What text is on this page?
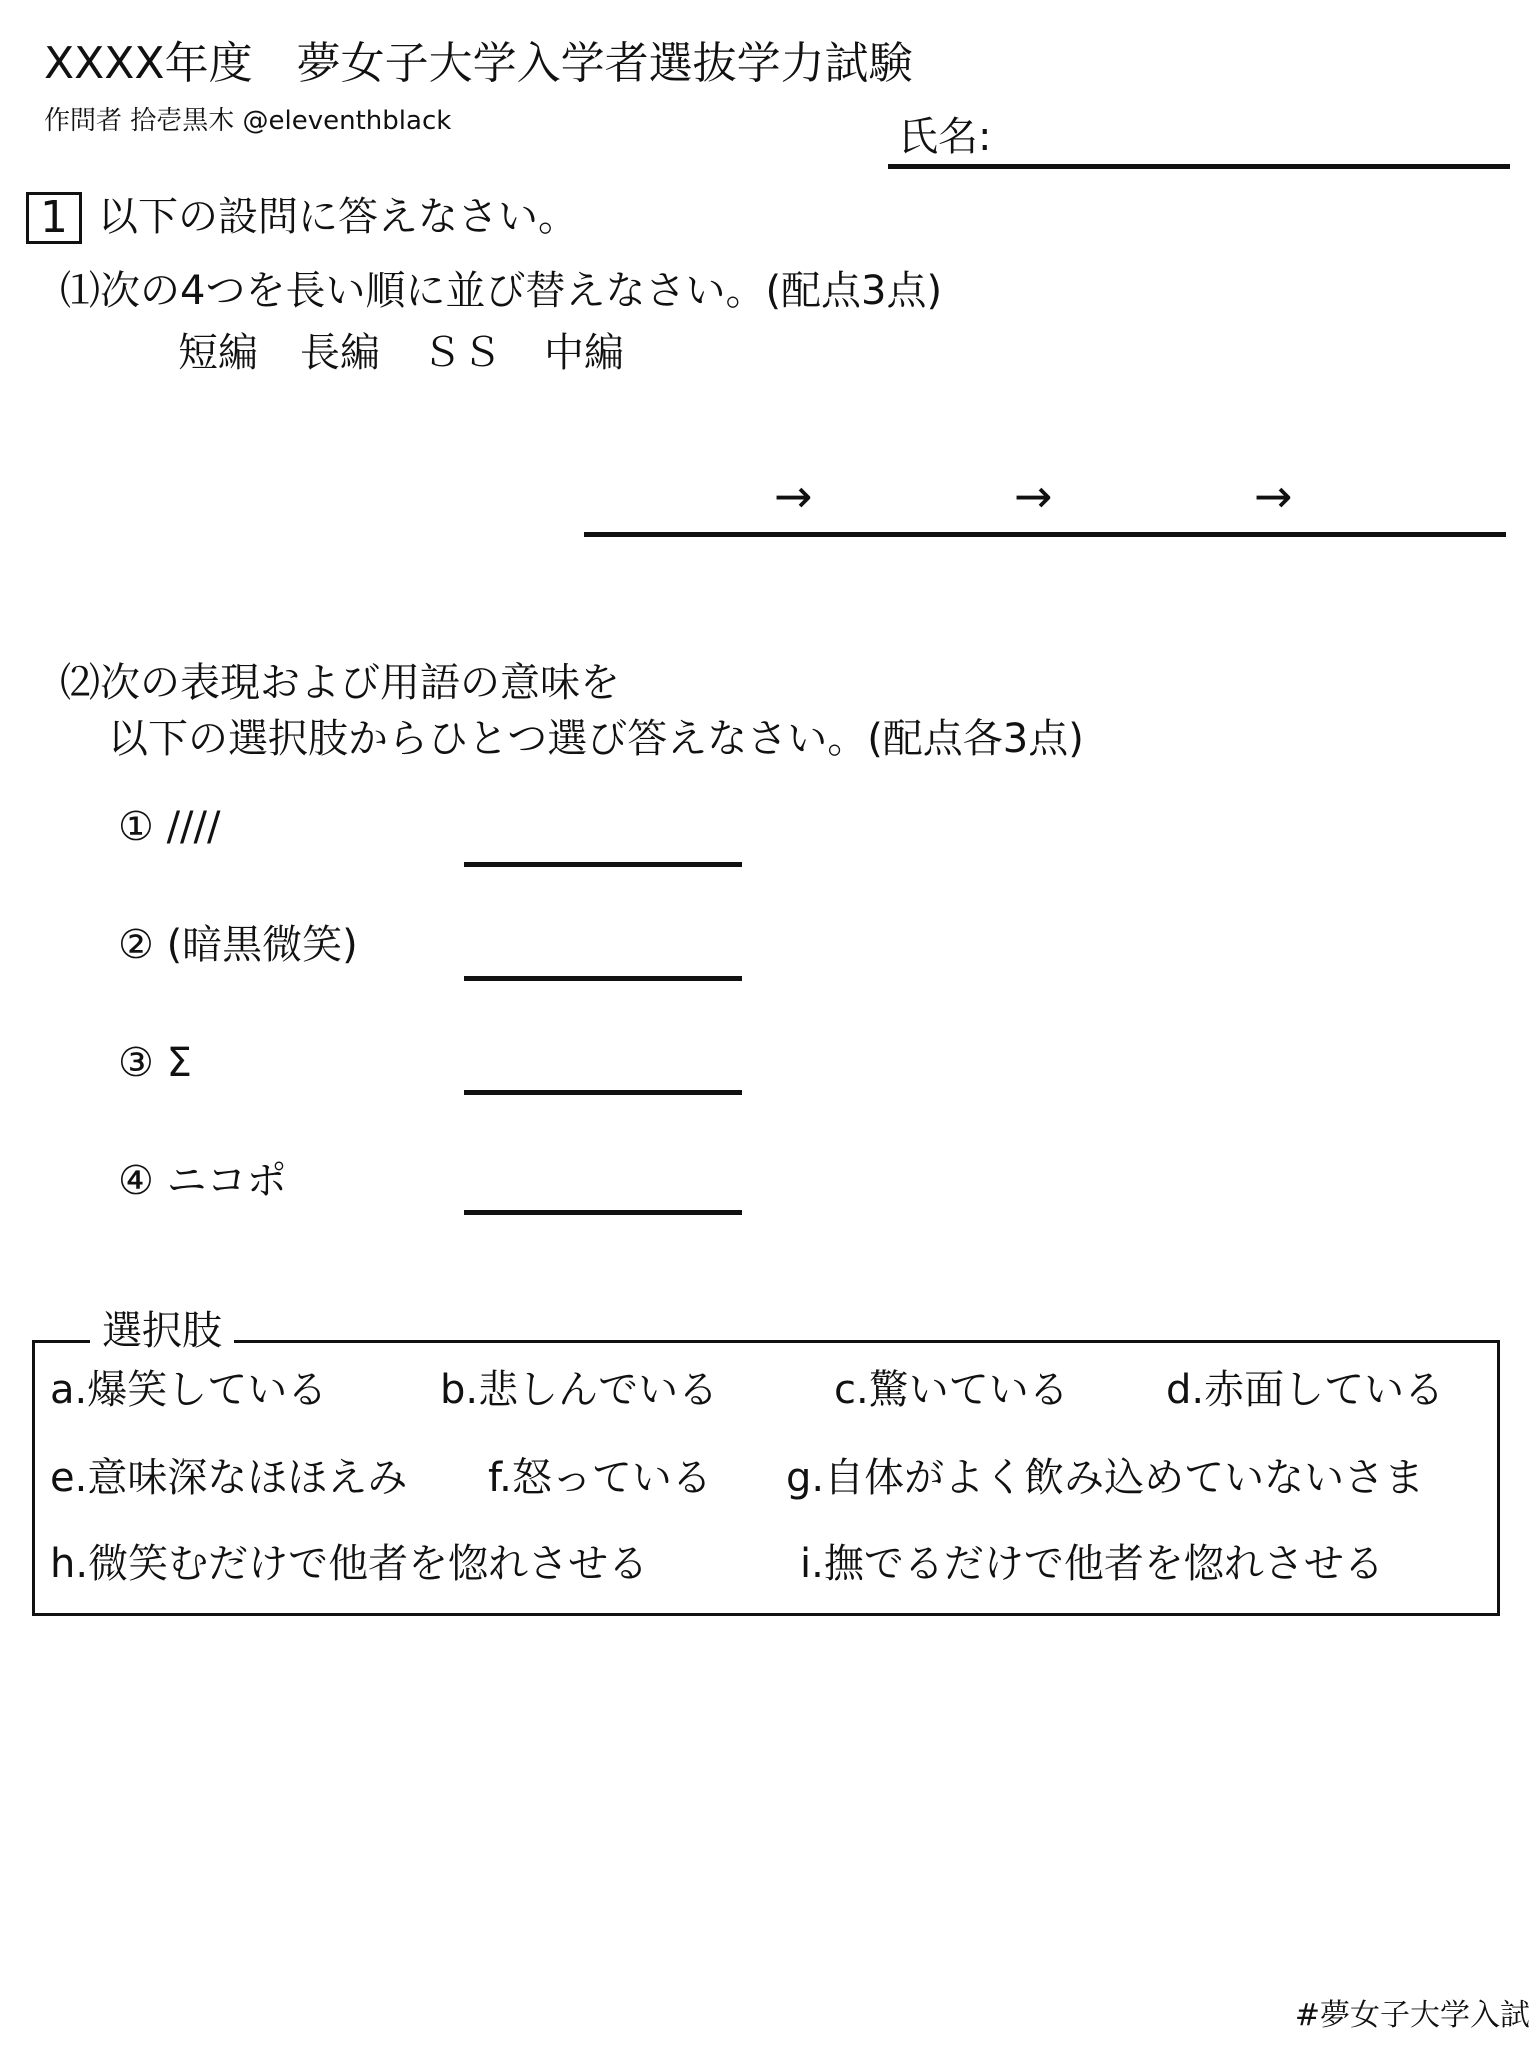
XXXX年度　夢女子大学入学者選抜学力試験
作問者 拾壱黒木 @eleventhblack	氏名:
1 以下の設問に答えなさい。
⑴次の4つを長い順に並び替えなさい。(配点3点)
短編 長編 ＳＳ 中編
→	→	→
⑵次の表現および用語の意味を
以下の選択肢からひとつ選び答えなさい。(配点各3点)
① ////
② (暗黒微笑)
③ Σ
④ ニコポ
選択肢
a.爆笑している	b.悲しんでいる	c.驚いている d.赤面している
e.意味深なほほえみ f.怒っている g.自体がよく飲み込めていないさま
h.微笑むだけで他者を惚れさせる	i.撫でるだけで他者を惚れさせる
#夢女子大学入試
